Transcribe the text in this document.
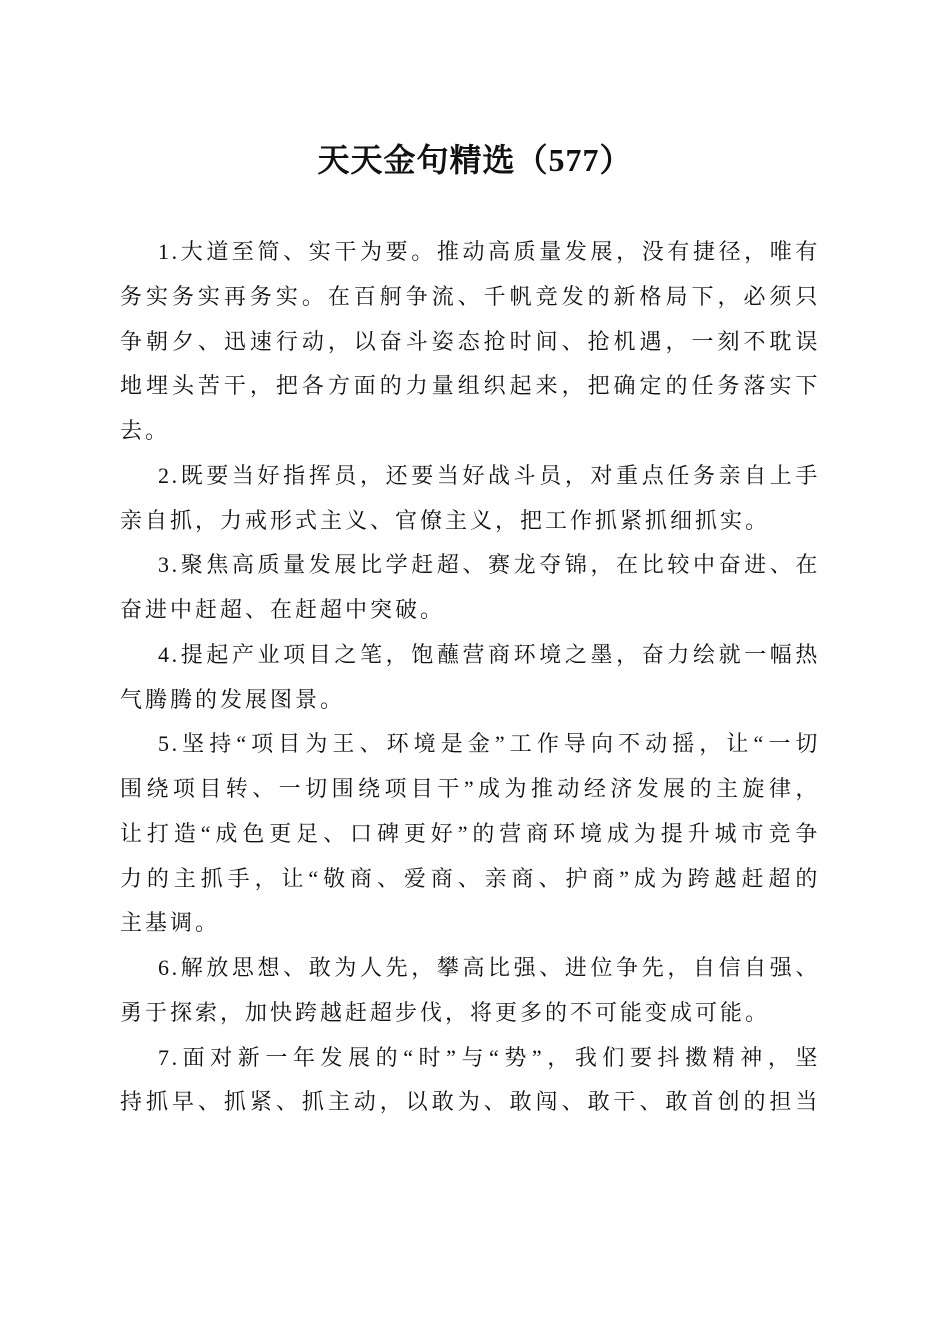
天天金句精选（577）

1.大道至简、实干为要。推动高质量发展，没有捷径，唯有
务实务实再务实。在百舸争流、千帆竞发的新格局下，必须只
争朝夕、迅速行动，以奋斗姿态抢时间、抢机遇，一刻不耽误
地埋头苦干，把各方面的力量组织起来，把确定的任务落实下
去。

2.既要当好指挥员，还要当好战斗员，对重点任务亲自上手
亲自抓，力戒形式主义、官僚主义，把工作抓紧抓细抓实。

3.聚焦高质量发展比学赶超、赛龙夺锦，在比较中奋进、在
奋进中赶超、在赶超中突破。

4.提起产业项目之笔，饱蘸营商环境之墨，奋力绘就一幅热
气腾腾的发展图景。

5.坚持“项目为王、环境是金”工作导向不动摇，让“一切
围绕项目转、一切围绕项目干”成为推动经济发展的主旋律，
让打造“成色更足、口碑更好”的营商环境成为提升城市竞争
力的主抓手，让“敬商、爱商、亲商、护商”成为跨越赶超的
主基调。

6.解放思想、敢为人先，攀高比强、进位争先，自信自强、
勇于探索，加快跨越赶超步伐，将更多的不可能变成可能。

7.面对新一年发展的“时”与“势”，我们要抖擞精神，坚
持抓早、抓紧、抓主动，以敢为、敢闯、敢干、敢首创的担当
